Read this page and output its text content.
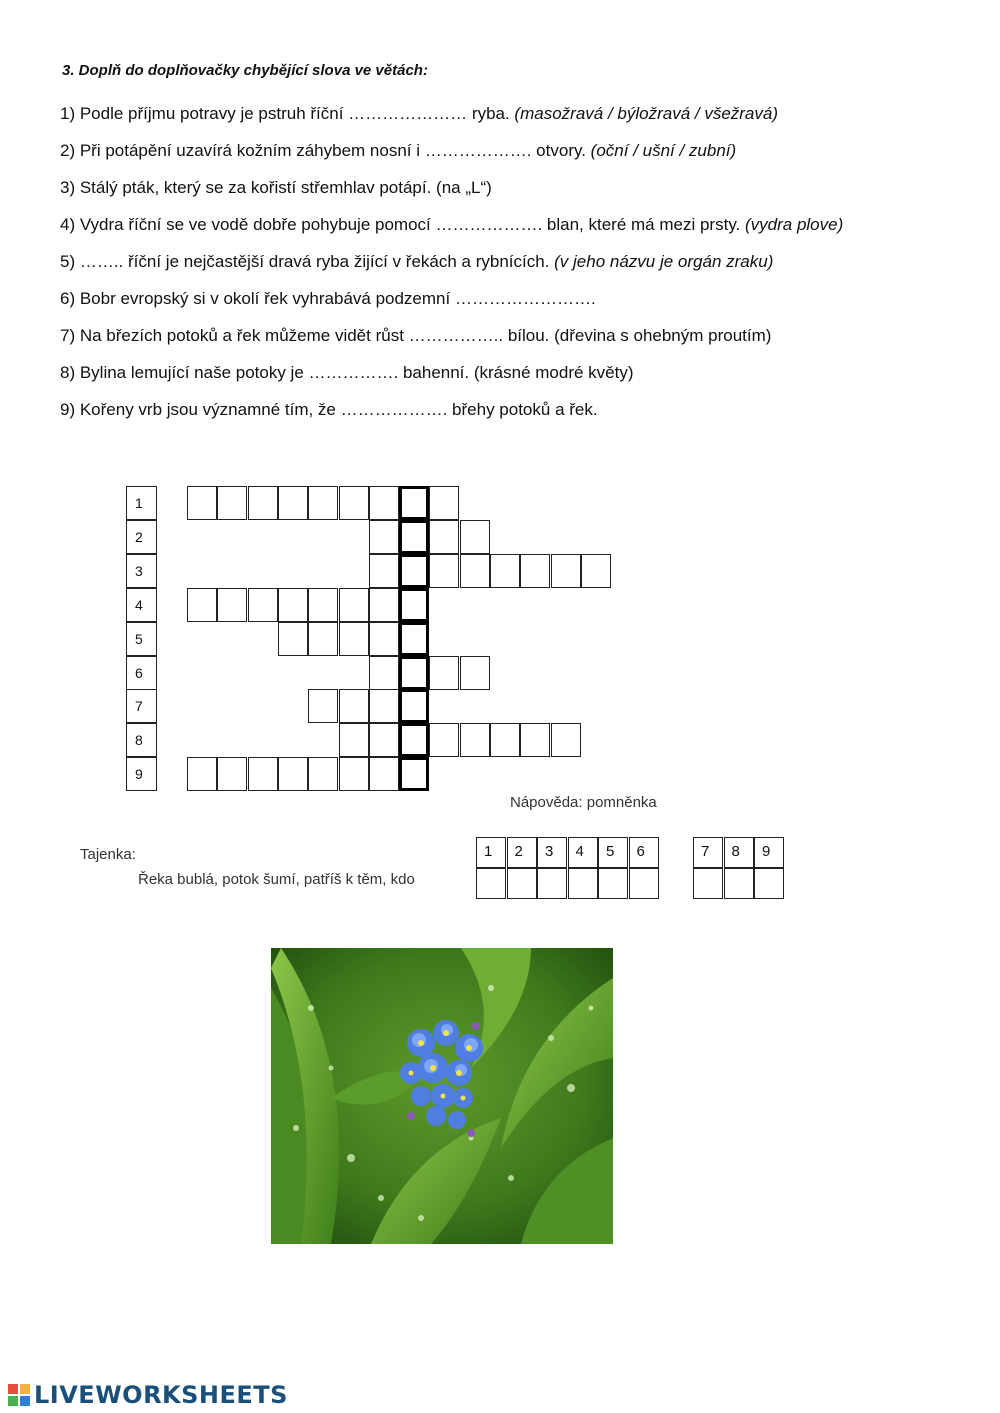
3. Doplň do doplňovačky chybějící slova ve větách:
1) Podle příjmu potravy je pstruh říční ………………… ryba. (masožravá / býložravá / všežravá)
2) Při potápění uzavírá kožním záhybem nosní i ………………. otvory. (oční / ušní / zubní)
3) Stálý pták, který se za kořistí střemhlav potápí. (na „L“)
4) Vydra říční se ve vodě dobře pohybuje pomocí ………………. blan, které má mezi prsty. (vydra plove)
5) …….. říční je nejčastější dravá ryba žijící v řekách a rybnících. (v jeho názvu je orgán zraku)
6) Bobr evropský si v okolí řek vyhrabává podzemní …………………….
7) Na březích potoků a řek můžeme vidět růst …………….. bílou. (dřevina s ohebným proutím)
8) Bylina lemující naše potoky je ……………. bahenní. (krásné modré květy)
9) Kořeny vrb jsou významné tím, že ………………. břehy potoků a řek.
1
2
3
4
5
6
7
8
9
Nápověda: pomněnka
Tajenka:
Řeka bublá, potok šumí, patříš k těm, kdo
1	2	3	4	5	6	7	8	9
LIVEWORKSHEETS
